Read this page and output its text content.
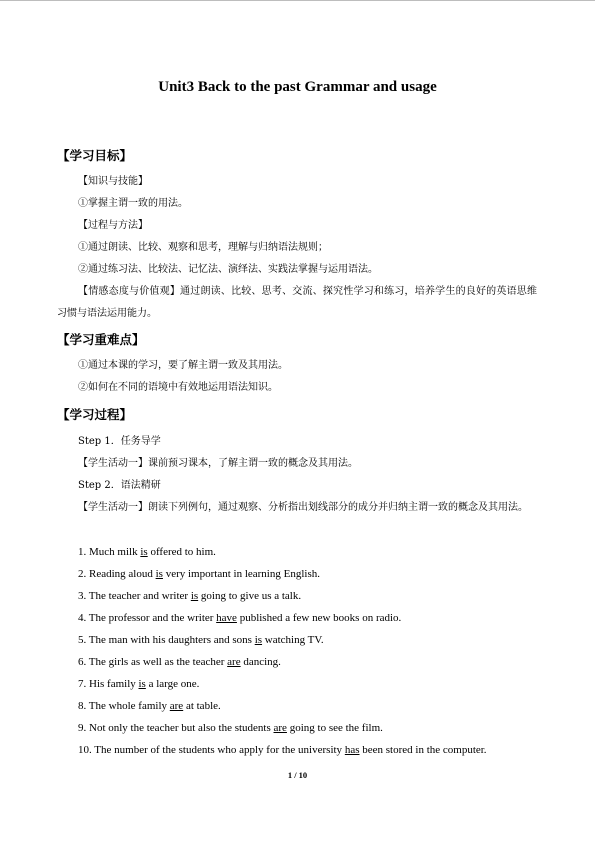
Unit3 Back to the past Grammar and usage
【学习目标】
【知识与技能】
①掌握主谓一致的用法。
【过程与方法】
①通过朗读、比较、观察和思考，理解与归纳语法规则；
②通过练习法、比较法、记忆法、演绎法、实践法掌握与运用语法。
【情感态度与价值观】通过朗读、比较、思考、交流、探究性学习和练习，培养学生的良好的英语思维习惯与语法运用能力。
【学习重难点】
①通过本课的学习，要了解主谓一致及其用法。
②如何在不同的语境中有效地运用语法知识。
【学习过程】
Step 1．任务导学
【学生活动一】课前预习课本，了解主谓一致的概念及其用法。
Step 2．语法精研
【学生活动一】朗读下列例句，通过观察、分析指出划线部分的成分并归纳主谓一致的概念及其用法。
1. Much milk is offered to him.
2. Reading aloud is very important in learning English.
3. The teacher and writer is going to give us a talk.
4. The professor and the writer have published a few new books on radio.
5. The man with his daughters and sons is watching TV.
6. The girls as well as the teacher are dancing.
7. His family is a large one.
8. The whole family are at table.
9. Not only the teacher but also the students are going to see the film.
10. The number of the students who apply for the university has been stored in the computer.
1 / 10
